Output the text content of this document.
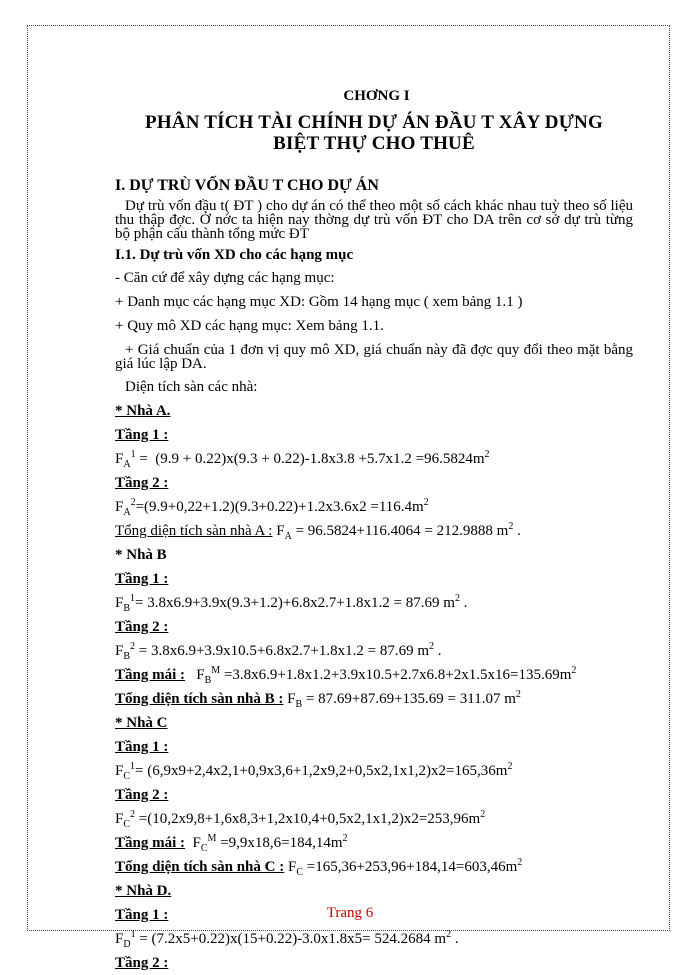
CHƠNG I

PHÂN TÍCH TÀI CHÍNH DỰ ÁN ĐẦU T XÂY DỰNG
BIỆT THỰ CHO THUÊ
I. DỰ TRÙ VỐN ĐẦU T CHO DỰ ÁN

Dự trù vốn đầu t( ĐT ) cho dự án có thể theo một số cách khác nhau tuỳ theo số liệu thu thập đợc. Ở nớc ta hiện nay thờng dự trù vốn ĐT cho DA trên cơ sở dự trù từng bộ phận cấu thành tổng mức ĐT

I.1. Dự trù vốn XD cho các hạng mục
- Căn cứ để xây dựng các hạng mục:
+ Danh mục các hạng mục XD: Gồm 14 hạng mục ( xem bảng 1.1 )
+ Quy mô XD các hạng mục: Xem bảng 1.1.

+ Giá chuẩn của 1 đơn vị quy mô XD, giá chuẩn này đã đợc quy đổi theo mặt bằng giá lúc lập DA.

Diện tích sàn các nhà:
* Nhà A.
Tầng 1 :
$F_A^1 = (9.9 + 0.22)x(9.3 + 0.22)-1.8x3.8 +5.7x1.2 =96.5824m^2$
Tầng 2 :
$F_A^2=(9.9+0,22+1.2)(9.3+0.22)+1.2x3.6x2 =116.4m^2$
Tổng diện tích sàn nhà A : $F_A = 96.5824+116.4064 = 212.9888$ $m^2$ .
* Nhà B
Tầng 1 :
$F_B^1= 3.8x6.9+3.9x(9.3+1.2)+6.8x2.7+1.8x1.2 = 87.69$ $m^2$ .
Tầng 2 :
$F_B^2 = 3.8x6.9+3.9x10.5+6.8x2.7+1.8x1.2 = 87.69$ $m^2$ .
Tầng mái : $F_B^M =3.8x6.9+1.8x1.2+3.9x10.5+2.7x6.8+2x1.5x16=135.69m^2$
Tổng diện tích sàn nhà B : $F_B = 87.69+87.69+135.69 = 311.07$ $m^2$
* Nhà C
Tầng 1 :
$F_C^1= (6,9x9+2,4x2,1+0,9x3,6+1,2x9,2+0,5x2,1x1,2)x2=165,36m^2$
Tầng 2 :
$F_C^2 =(10,2x9,8+1,6x8,3+1,2x10,4+0,5x2,1x1,2)x2=253,96m^2$
Tầng mái : $F_C^M =9,9x18,6=184,14m^2$
Tổng diện tích sàn nhà C : $F_C =165,36+253,96+184,14=603,46m^2$
* Nhà D.
Tầng 1 :
$F_D^1 = (7.2x5+0.22)x(15+0.22)-3.0x1.8x5= 524.2684$ $m^2$ .
Tầng 2 :
Trang 6
